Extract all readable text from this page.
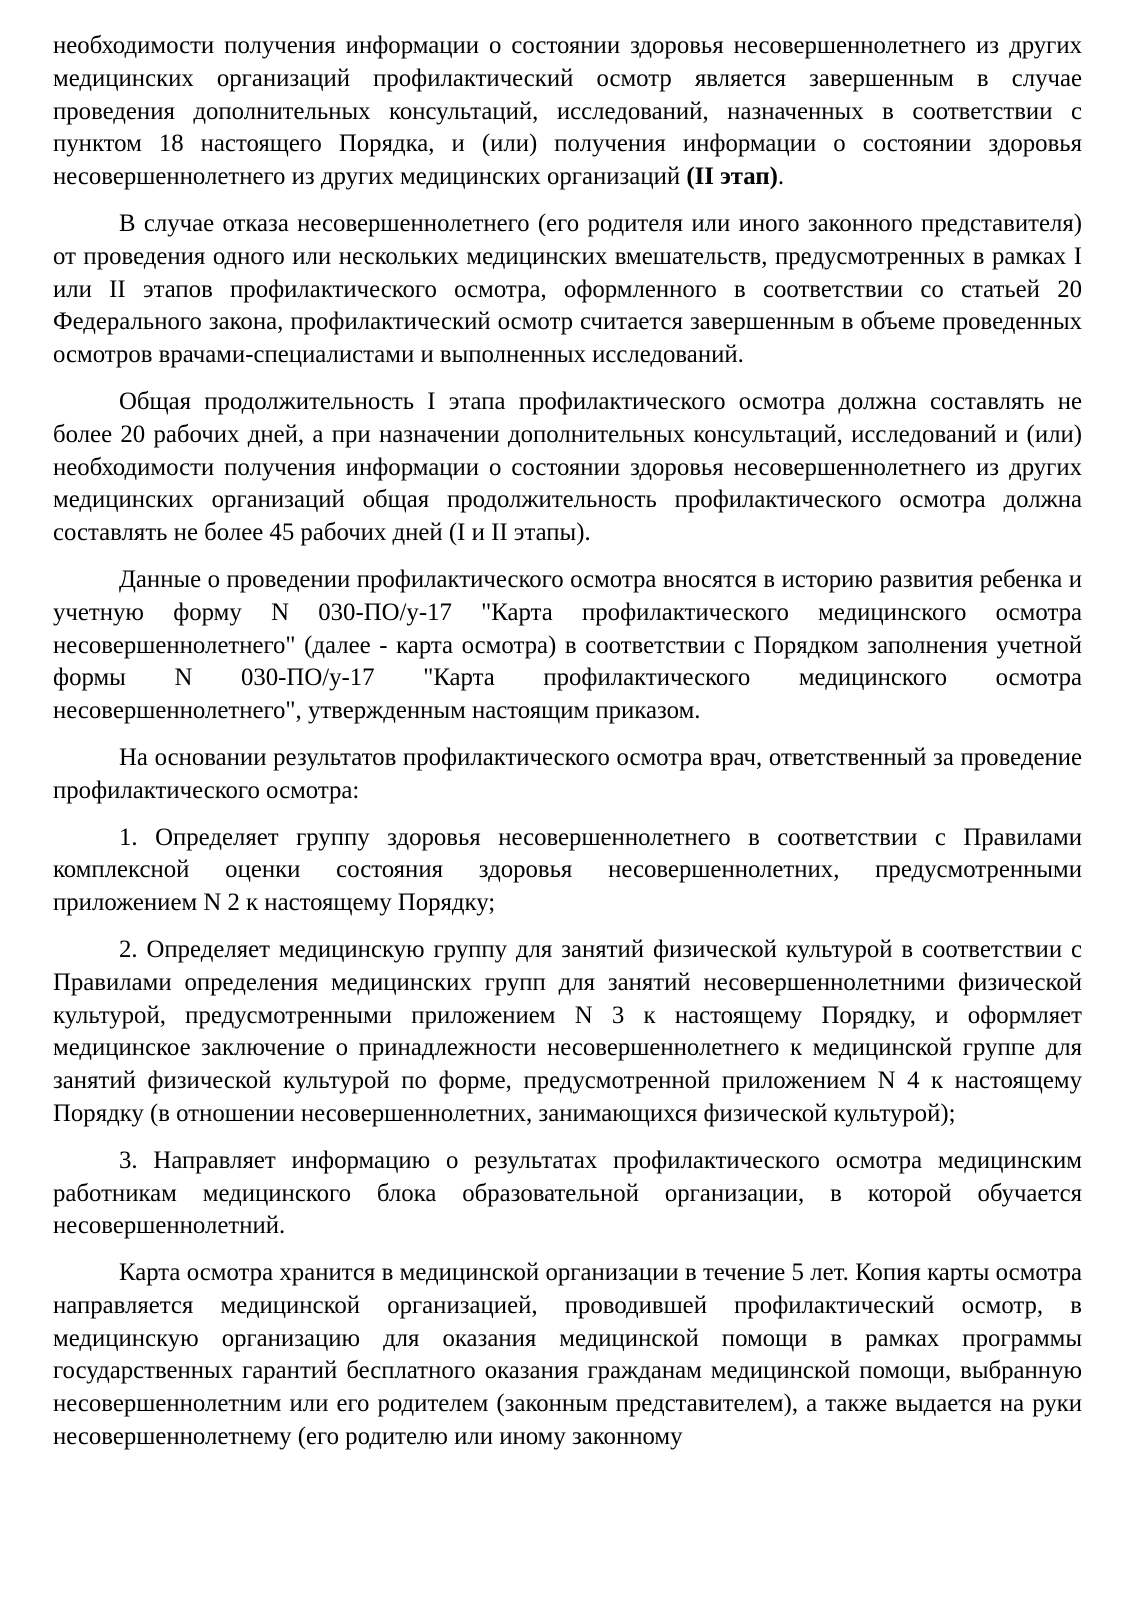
необходимости получения информации о состоянии здоровья несовершеннолетнего из других медицинских организаций профилактический осмотр является завершенным в случае проведения дополнительных консультаций, исследований, назначенных в соответствии с пунктом 18 настоящего Порядка, и (или) получения информации о состоянии здоровья несовершеннолетнего из других медицинских организаций (II этап).

В случае отказа несовершеннолетнего (его родителя или иного законного представителя) от проведения одного или нескольких медицинских вмешательств, предусмотренных в рамках I или II этапов профилактического осмотра, оформленного в соответствии со статьей 20 Федерального закона, профилактический осмотр считается завершенным в объеме проведенных осмотров врачами-специалистами и выполненных исследований.

Общая продолжительность I этапа профилактического осмотра должна составлять не более 20 рабочих дней, а при назначении дополнительных консультаций, исследований и (или) необходимости получения информации о состоянии здоровья несовершеннолетнего из других медицинских организаций общая продолжительность профилактического осмотра должна составлять не более 45 рабочих дней (I и II этапы).

Данные о проведении профилактического осмотра вносятся в историю развития ребенка и учетную форму N 030-ПО/у-17 "Карта профилактического медицинского осмотра несовершеннолетнего" (далее - карта осмотра) в соответствии с Порядком заполнения учетной формы N 030-ПО/у-17 "Карта профилактического медицинского осмотра несовершеннолетнего", утвержденным настоящим приказом.

На основании результатов профилактического осмотра врач, ответственный за проведение профилактического осмотра:

1. Определяет группу здоровья несовершеннолетнего в соответствии с Правилами комплексной оценки состояния здоровья несовершеннолетних, предусмотренными приложением N 2 к настоящему Порядку;

2. Определяет медицинскую группу для занятий физической культурой в соответствии с Правилами определения медицинских групп для занятий несовершеннолетними физической культурой, предусмотренными приложением N 3 к настоящему Порядку, и оформляет медицинское заключение о принадлежности несовершеннолетнего к медицинской группе для занятий физической культурой по форме, предусмотренной приложением N 4 к настоящему Порядку (в отношении несовершеннолетних, занимающихся физической культурой);

3. Направляет информацию о результатах профилактического осмотра медицинским работникам медицинского блока образовательной организации, в которой обучается несовершеннолетний.

Карта осмотра хранится в медицинской организации в течение 5 лет. Копия карты осмотра направляется медицинской организацией, проводившей профилактический осмотр, в медицинскую организацию для оказания медицинской помощи в рамках программы государственных гарантий бесплатного оказания гражданам медицинской помощи, выбранную несовершеннолетним или его родителем (законным представителем), а также выдается на руки несовершеннолетнему (его родителю или иному законному
